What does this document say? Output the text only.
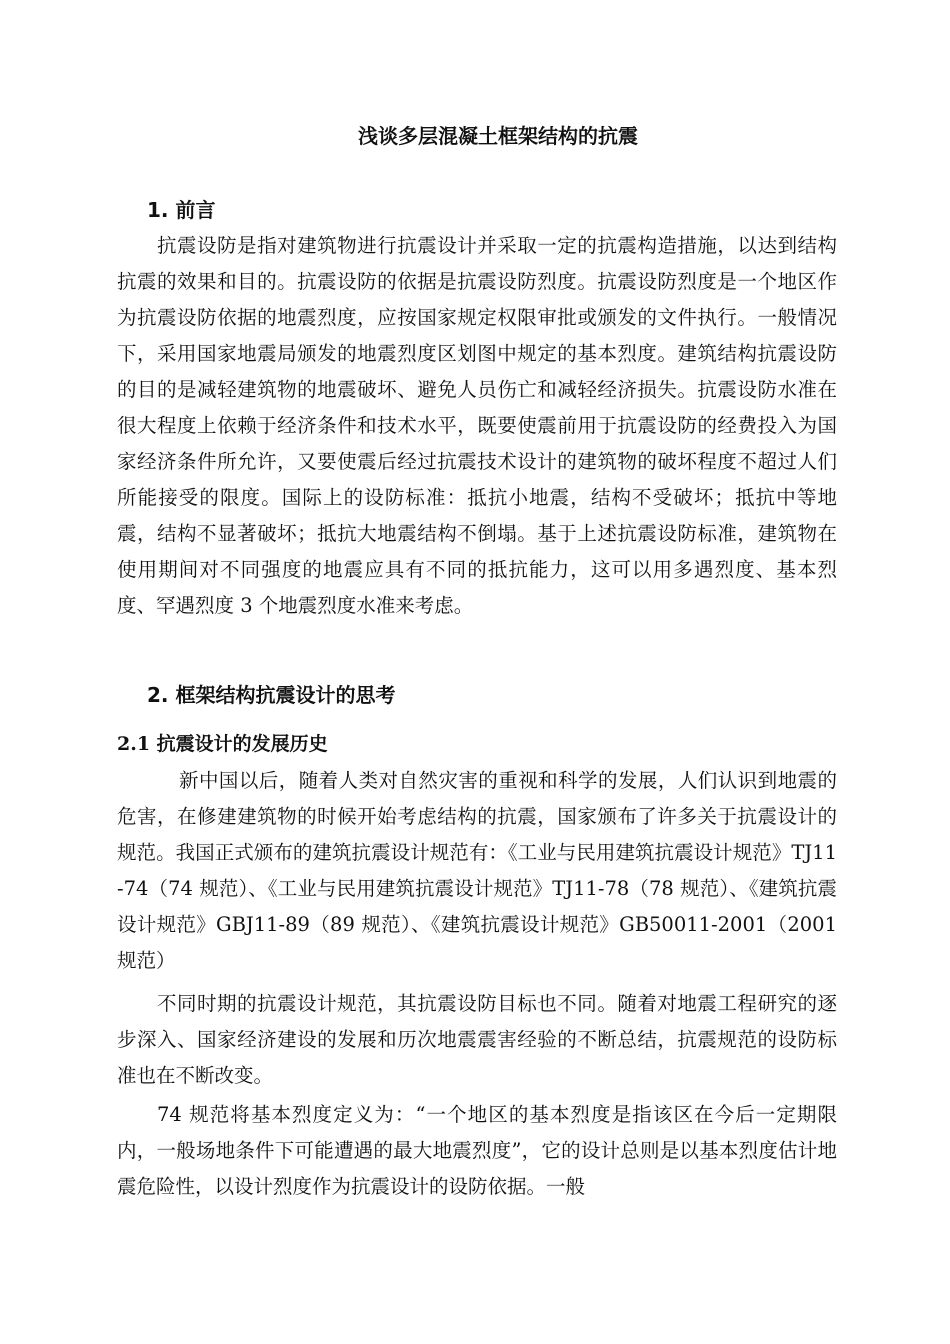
浅谈多层混凝土框架结构的抗震
1. 前言

抗震设防是指对建筑物进行抗震设计并采取一定的抗震构造措施，以达到结构抗震的效果和目的。抗震设防的依据是抗震设防烈度。抗震设防烈度是一个地区作为抗震设防依据的地震烈度，应按国家规定权限审批或颁发的文件执行。一般情况下，采用国家地震局颁发的地震烈度区划图中规定的基本烈度。建筑结构抗震设防的目的是减轻建筑物的地震破坏、避免人员伤亡和减轻经济损失。抗震设防水准在很大程度上依赖于经济条件和技术水平，既要使震前用于抗震设防的经费投入为国家经济条件所允许，又要使震后经过抗震技术设计的建筑物的破坏程度不超过人们所能接受的限度。国际上的设防标准：抵抗小地震，结构不受破坏；抵抗中等地震，结构不显著破坏；抵抗大地震结构不倒塌。基于上述抗震设防标准，建筑物在使用期间对不同强度的地震应具有不同的抵抗能力，这可以用多遇烈度、基本烈度、罕遇烈度 3 个地震烈度水准来考虑。

2. 框架结构抗震设计的思考
2.1 抗震设计的发展历史

新中国以后，随着人类对自然灾害的重视和科学的发展，人们认识到地震的危害，在修建建筑物的时候开始考虑结构的抗震，国家颁布了许多关于抗震设计的规范。我国正式颁布的建筑抗震设计规范有：《工业与民用建筑抗震设计规范》TJ11-74（74 规范）、《工业与民用建筑抗震设计规范》TJ11-78（78 规范）、《建筑抗震设计规范》GBJ11-89（89 规范）、《建筑抗震设计规范》GB50011-2001（2001 规范）

不同时期的抗震设计规范，其抗震设防目标也不同。随着对地震工程研究的逐步深入、国家经济建设的发展和历次地震震害经验的不断总结，抗震规范的设防标准也在不断改变。

74 规范将基本烈度定义为：“一个地区的基本烈度是指该区在今后一定期限内，一般场地条件下可能遭遇的最大地震烈度”，它的设计总则是以基本烈度估计地震危险性，以设计烈度作为抗震设计的设防依据。一般
